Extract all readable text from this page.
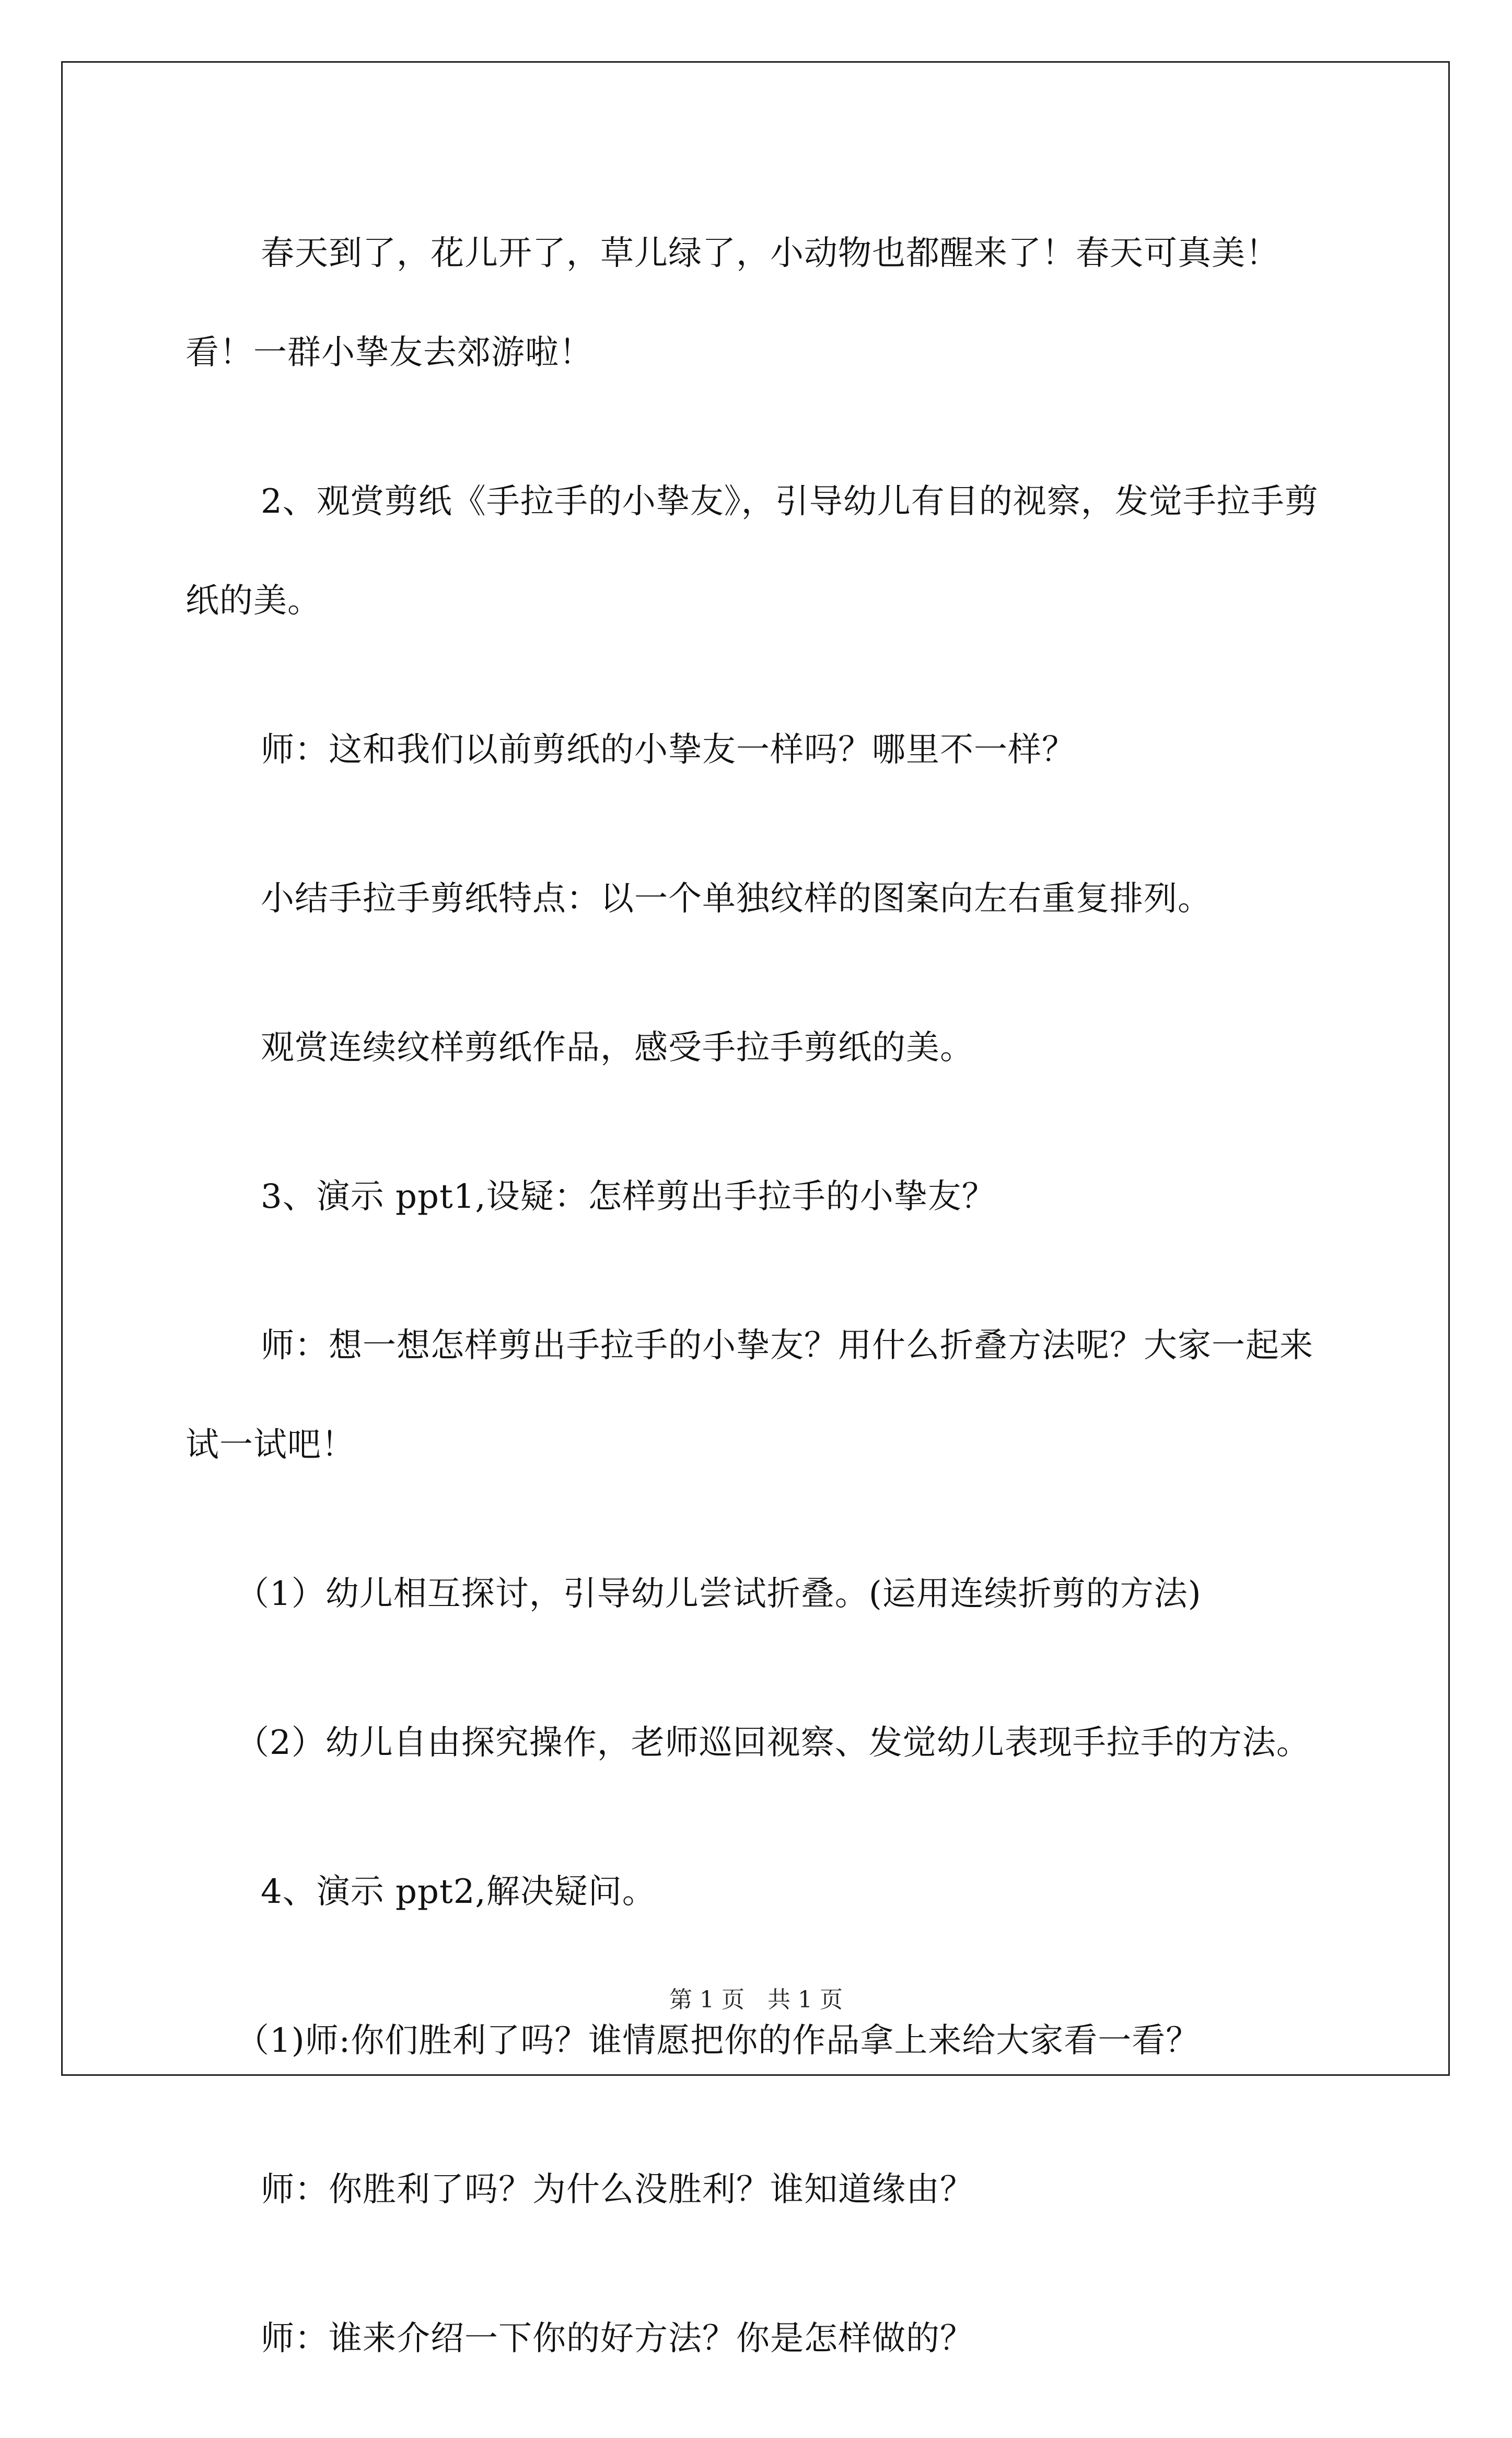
春天到了，花儿开了，草儿绿了，小动物也都醒来了！春天可真美！看！一群小挚友去郊游啦！

2、观赏剪纸《手拉手的小挚友》，引导幼儿有目的视察，发觉手拉手剪纸的美。

师：这和我们以前剪纸的小挚友一样吗？哪里不一样？

小结手拉手剪纸特点：以一个单独纹样的图案向左右重复排列。

观赏连续纹样剪纸作品，感受手拉手剪纸的美。

3、演示 ppt1,设疑：怎样剪出手拉手的小挚友？

师：想一想怎样剪出手拉手的小挚友？用什么折叠方法呢？大家一起来试一试吧！

（1）幼儿相互探讨，引导幼儿尝试折叠。(运用连续折剪的方法)

（2）幼儿自由探究操作，老师巡回视察、发觉幼儿表现手拉手的方法。

4、演示 ppt2,解决疑问。

（1)师:你们胜利了吗？谁情愿把你的作品拿上来给大家看一看？

师：你胜利了吗？为什么没胜利？谁知道缘由？

师：谁来介绍一下你的好方法？你是怎样做的？

第 1 页　共 1 页
